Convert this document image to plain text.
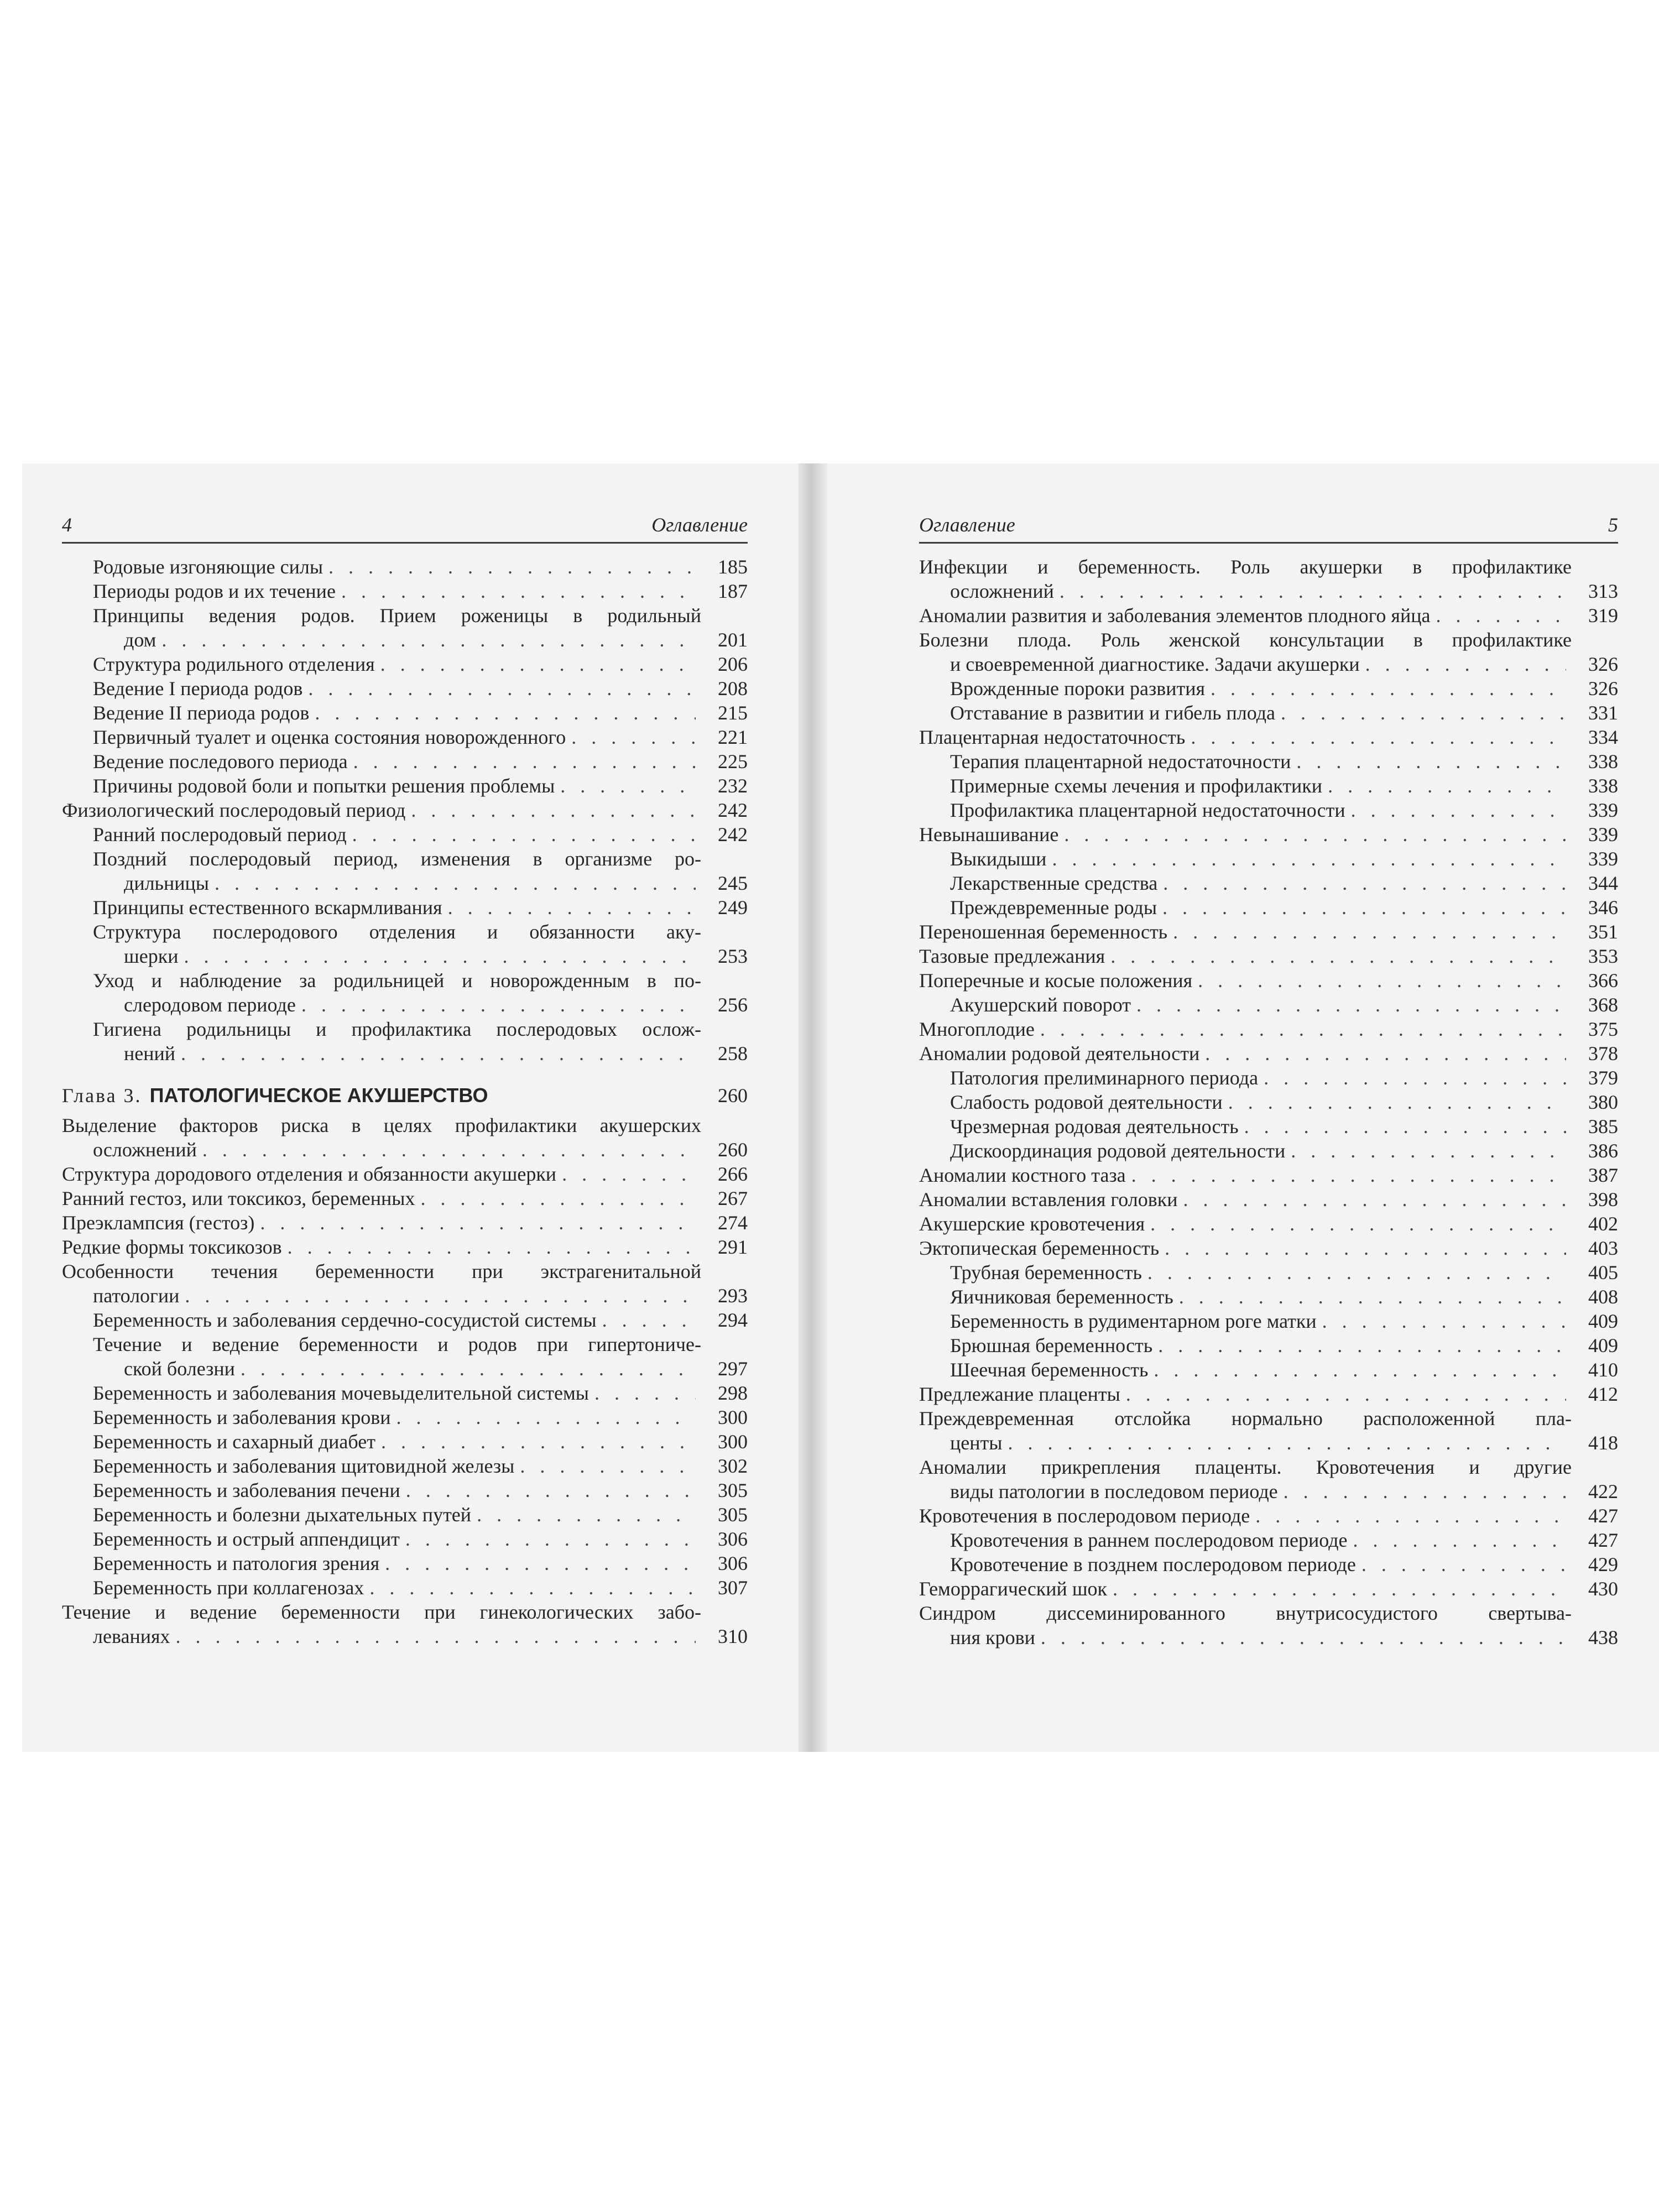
4	Оглавление
Родовые изгоняющие силы . . .	185
Периоды родов и их течение . . .	187
Принципы ведения родов. Прием роженицы в родильный
дом . . .	201
Структура родильного отделения . . .	206
Ведение I периода родов . . .	208
Ведение II периода родов . . .	215
Первичный туалет и оценка состояния новорожденного . . .	221
Ведение последового периода . . .	225
Причины родовой боли и попытки решения проблемы . . .	232
Физиологический послеродовый период . . .	242
Ранний послеродовый период . . .	242
Поздний послеродовый период, изменения в организме ро-
дильницы . . .	245
Принципы естественного вскармливания . . .	249
Структура послеродового отделения и обязанности аку-
шерки . . .	253
Уход и наблюдение за родильницей и новорожденным в по-
слеродовом периоде . . .	256
Гигиена родильницы и профилактика послеродовых ослож-
нений . . .	258
Глава 3. ПАТОЛОГИЧЕСКОЕ АКУШЕРСТВО	260
Выделение факторов риска в целях профилактики акушерских
осложнений . . .	260
Структура дородового отделения и обязанности акушерки . . .	266
Ранний гестоз, или токсикоз, беременных . . .	267
Преэклампсия (гестоз) . . .	274
Редкие формы токсикозов . . .	291
Особенности течения беременности при экстрагенитальной
патологии . . .	293
Беременность и заболевания сердечно-сосудистой системы . . .	294
Течение и ведение беременности и родов при гипертониче-
ской болезни . . .	297
Беременность и заболевания мочевыделительной системы . . .	298
Беременность и заболевания крови . . .	300
Беременность и сахарный диабет . . .	300
Беременность и заболевания щитовидной железы . . .	302
Беременность и заболевания печени . . .	305
Беременность и болезни дыхательных путей . . .	305
Беременность и острый аппендицит . . .	306
Беременность и патология зрения . . .	306
Беременность при коллагенозах . . .	307
Течение и ведение беременности при гинекологических забо-
леваниях . . .	310
Оглавление	5
Инфекции и беременность. Роль акушерки в профилактике
осложнений . . .	313
Аномалии развития и заболевания элементов плодного яйца . . .	319
Болезни плода. Роль женской консультации в профилактике
и своевременной диагностике. Задачи акушерки . . .	326
Врожденные пороки развития . . .	326
Отставание в развитии и гибель плода . . .	331
Плацентарная недостаточность . . .	334
Терапия плацентарной недостаточности . . .	338
Примерные схемы лечения и профилактики . . .	338
Профилактика плацентарной недостаточности . . .	339
Невынашивание . . .	339
Выкидыши . . .	339
Лекарственные средства . . .	344
Преждевременные роды . . .	346
Переношенная беременность . . .	351
Тазовые предлежания . . .	353
Поперечные и косые положения . . .	366
Акушерский поворот . . .	368
Многоплодие . . .	375
Аномалии родовой деятельности . . .	378
Патология прелиминарного периода . . .	379
Слабость родовой деятельности . . .	380
Чрезмерная родовая деятельность . . .	385
Дискоординация родовой деятельности . . .	386
Аномалии костного таза . . .	387
Аномалии вставления головки . . .	398
Акушерские кровотечения . . .	402
Эктопическая беременность . . .	403
Трубная беременность . . .	405
Яичниковая беременность . . .	408
Беременность в рудиментарном роге матки . . .	409
Брюшная беременность . . .	409
Шеечная беременность . . .	410
Предлежание плаценты . . .	412
Преждевременная отслойка нормально расположенной пла-
центы . . .	418
Аномалии прикрепления плаценты. Кровотечения и другие
виды патологии в последовом периоде . . .	422
Кровотечения в послеродовом периоде . . .	427
Кровотечения в раннем послеродовом периоде . . .	427
Кровотечение в позднем послеродовом периоде . . .	429
Геморрагический шок . . .	430
Синдром диссеминированного внутрисосудистого свертыва-
ния крови . . .	438
